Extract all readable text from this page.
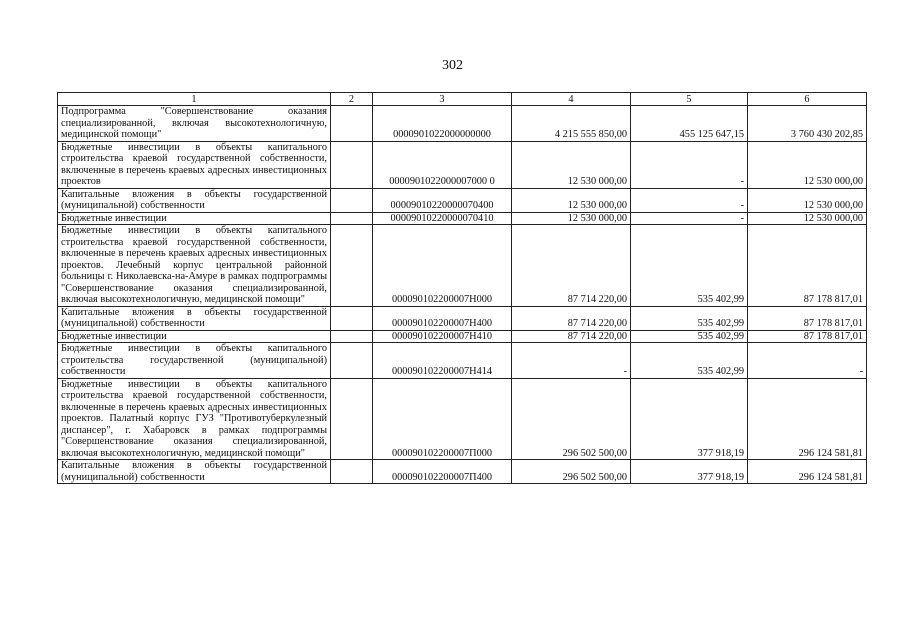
302
1	2	3	4	5	6
Подпрограмма "Совершенствование оказания специализированной, включая высокотехнологичную, медицинской помощи"		0000901022000000000	4 215 555 850,00	455 125 647,15	3 760 430 202,85
Бюджетные инвестиции в объекты капитального строительства краевой государственной собственности, включенные в перечень краевых адресных инвестиционных проектов		0000901022000007000 0	12 530 000,00	-	12 530 000,00
Капитальные вложения в объекты государственной (муниципальной) собственности		00009010220000070400	12 530 000,00	-	12 530 000,00
Бюджетные инвестиции		00009010220000070410	12 530 000,00	-	12 530 000,00
Бюджетные инвестиции в объекты капитального строительства краевой государственной собственности, включенные в перечень краевых адресных инвестиционных проектов. Лечебный корпус центральной районной больницы г. Николаевска-на-Амуре в рамках подпрограммы "Совершенствование оказания специализированной, включая высокотехнологичную, медицинской помощи"		000090102200007Н000	87 714 220,00	535 402,99	87 178 817,01
Капитальные вложения в объекты государственной (муниципальной) собственности		000090102200007Н400	87 714 220,00	535 402,99	87 178 817,01
Бюджетные инвестиции		000090102200007Н410	87 714 220,00	535 402,99	87 178 817,01
Бюджетные инвестиции в объекты капитального строительства государственной (муниципальной) собственности		000090102200007Н414	-	535 402,99	-
Бюджетные инвестиции в объекты капитального строительства краевой государственной собственности, включенные в перечень краевых адресных инвестиционных проектов. Палатный корпус ГУЗ "Противотуберкулезный диспансер", г. Хабаровск в рамках подпрограммы "Совершенствование оказания специализированной, включая высокотехнологичную, медицинской помощи"		000090102200007П000	296 502 500,00	377 918,19	296 124 581,81
Капитальные вложения в объекты государственной (муниципальной) собственности		000090102200007П400	296 502 500,00	377 918,19	296 124 581,81
